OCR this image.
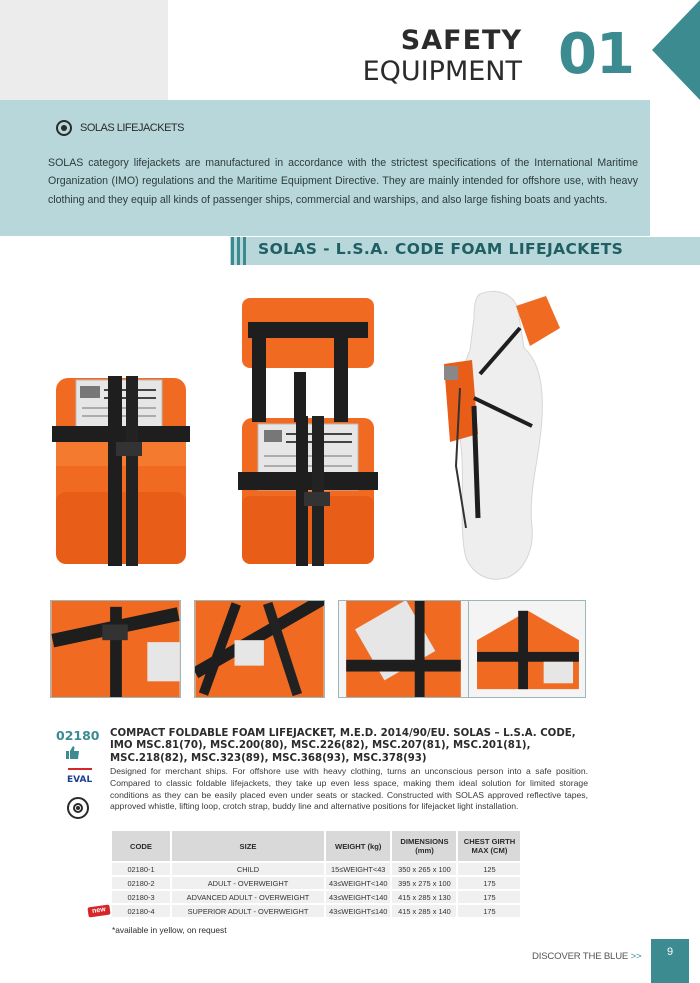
SAFETY
EQUIPMENT 01
SOLAS LIFEJACKETS
SOLAS category lifejackets are manufactured in accordance with the strictest specifications of the International Maritime Organization (IMO) regulations and the Maritime Equipment Directive. They are mainly intended for offshore use, with heavy clothing and they equip all kinds of passenger ships, commercial and warships, and also large fishing boats and yachts.
SOLAS - L.S.A. CODE FOAM LIFEJACKETS
02180 COMPACT FOLDABLE FOAM LIFEJACKET, M.E.D. 2014/90/EU. SOLAS – L.S.A. CODE, IMO MSC.81(70), MSC.200(80), MSC.226(82), MSC.207(81), MSC.201(81), MSC.218(82), MSC.323(89), MSC.368(93), MSC.378(93)
Designed for merchant ships. For offshore use with heavy clothing, turns an unconscious person into a safe position. Compared to classic foldable lifejackets, they take up even less space, making them ideal solution for limited storage conditions as they can be easily placed even under seats or stacked. Constructed with SOLAS approved reflective tapes, approved whistle, lifting loop, crotch strap, buddy line and alternative positions for lifejacket light installation.
EVAL
CODE	SIZE	WEIGHT (kg)	DIMENSIONS (mm)	CHEST GIRTH MAX (CM)
02180-1	CHILD	15≤WEIGHT<43	350 x 265 x 100	125
02180-2	ADULT - OVERWEIGHT	43≤WEIGHT<140	395 x 275 x 100	175
02180-3	ADVANCED ADULT - OVERWEIGHT	43≤WEIGHT<140	415 x 285 x 130	175
02180-4	SUPERIOR ADULT - OVERWEIGHT	43≤WEIGHT≤140	415 x 285 x 140	175
new
*available in yellow, on request
DISCOVER THE BLUE >>	9
